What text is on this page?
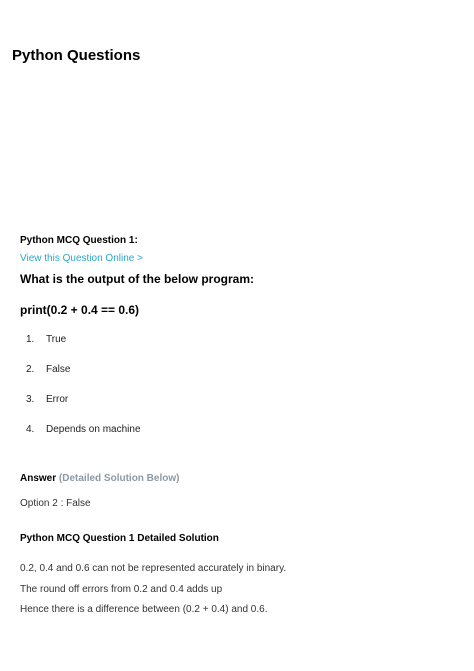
Python Questions
Python MCQ Question 1:
View this Question Online >
What is the output of the below program:
print(0.2 + 0.4 == 0.6)
1. True
2. False
3. Error
4. Depends on machine
Answer (Detailed Solution Below)
Option 2 : False
Python MCQ Question 1 Detailed Solution
0.2, 0.4 and 0.6 can not be represented accurately in binary.
The round off errors from 0.2 and 0.4 adds up
Hence there is a difference between (0.2 + 0.4) and 0.6.
